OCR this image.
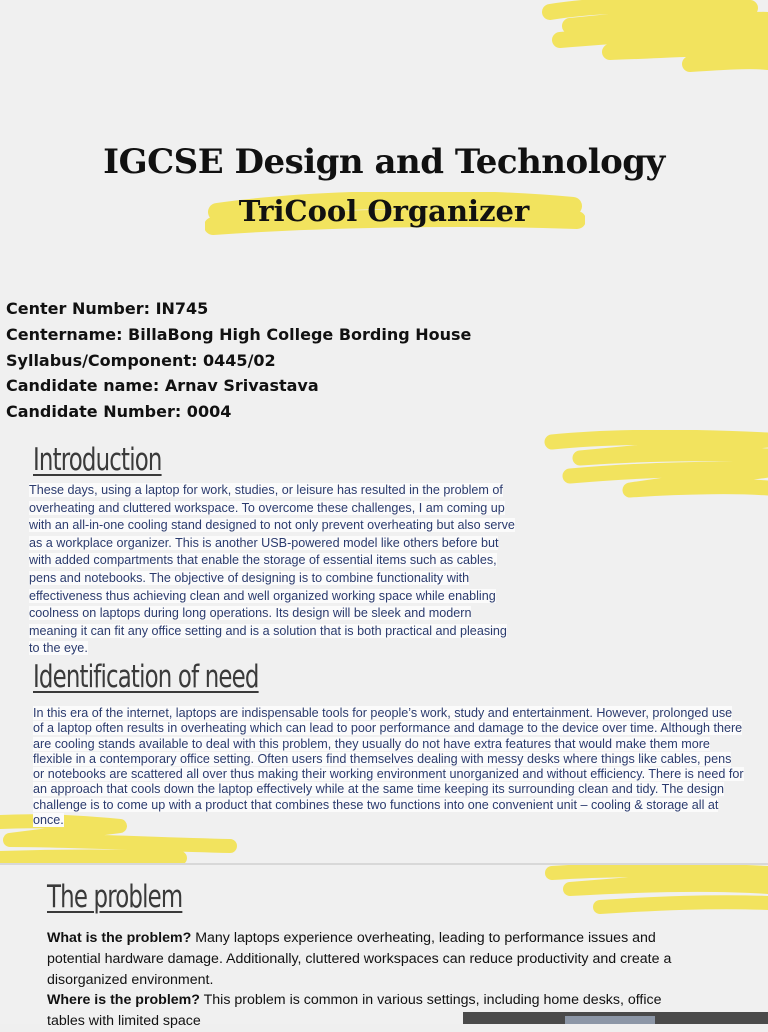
IGCSE Design and Technology
TriCool Organizer
Center Number: IN745
Centername: BillaBong High College Bording House
Syllabus/Component: 0445/02
Candidate name: Arnav Srivastava
Candidate Number: 0004
Introduction
These days, using a laptop for work, studies, or leisure has resulted in the problem of overheating and cluttered workspace. To overcome these challenges, I am coming up with an all-in-one cooling stand designed to not only prevent overheating but also serve as a workplace organizer. This is another USB-powered model like others before but with added compartments that enable the storage of essential items such as cables, pens and notebooks. The objective of designing is to combine functionality with effectiveness thus achieving clean and well organized working space while enabling coolness on laptops during long operations. Its design will be sleek and modern meaning it can fit any office setting and is a solution that is both practical and pleasing to the eye.
Identification of need
In this era of the internet, laptops are indispensable tools for people’s work, study and entertainment. However, prolonged use of a laptop often results in overheating which can lead to poor performance and damage to the device over time. Although there are cooling stands available to deal with this problem, they usually do not have extra features that would make them more flexible in a contemporary office setting. Often users find themselves dealing with messy desks where things like cables, pens or notebooks are scattered all over thus making their working environment unorganized and without efficiency. There is need for an approach that cools down the laptop effectively while at the same time keeping its surrounding clean and tidy. The design challenge is to come up with a product that combines these two functions into one convenient unit – cooling & storage all at once.
The problem
What is the problem? Many laptops experience overheating, leading to performance issues and potential hardware damage. Additionally, cluttered workspaces can reduce productivity and create a disorganized environment.
Where is the problem? This problem is common in various settings, including home desks, office tables with limited space
